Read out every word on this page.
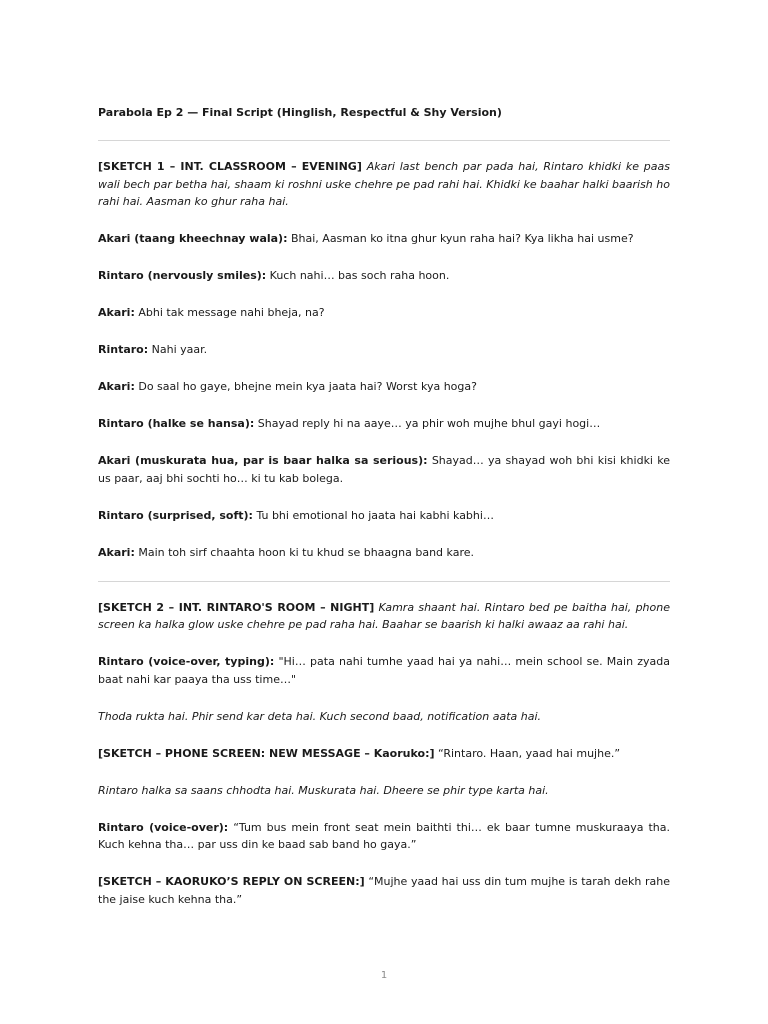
Parabola Ep 2 — Final Script (Hinglish, Respectful & Shy Version)

[SKETCH 1 – INT. CLASSROOM – EVENING] Akari last bench par pada hai, Rintaro khidki ke paas wali bech par betha hai, shaam ki roshni uske chehre pe pad rahi hai. Khidki ke baahar halki baarish ho rahi hai. Aasman ko ghur raha hai.

Akari (taang kheechnay wala): Bhai, Aasman ko itna ghur kyun raha hai? Kya likha hai usme?

Rintaro (nervously smiles): Kuch nahi… bas soch raha hoon.

Akari: Abhi tak message nahi bheja, na?

Rintaro: Nahi yaar.

Akari: Do saal ho gaye, bhejne mein kya jaata hai? Worst kya hoga?

Rintaro (halke se hansa): Shayad reply hi na aaye… ya phir woh mujhe bhul gayi hogi…

Akari (muskurata hua, par is baar halka sa serious): Shayad… ya shayad woh bhi kisi khidki ke us paar, aaj bhi sochti ho… ki tu kab bolega.

Rintaro (surprised, soft): Tu bhi emotional ho jaata hai kabhi kabhi…

Akari: Main toh sirf chaahta hoon ki tu khud se bhaagna band kare.

[SKETCH 2 – INT. RINTARO'S ROOM – NIGHT] Kamra shaant hai. Rintaro bed pe baitha hai, phone screen ka halka glow uske chehre pe pad raha hai. Baahar se baarish ki halki awaaz aa rahi hai.

Rintaro (voice-over, typing): "Hi… pata nahi tumhe yaad hai ya nahi… mein school se. Main zyada baat nahi kar paaya tha uss time…"

Thoda rukta hai. Phir send kar deta hai. Kuch second baad, notification aata hai.

[SKETCH – PHONE SCREEN: NEW MESSAGE – Kaoruko:] “Rintaro. Haan, yaad hai mujhe.”

Rintaro halka sa saans chhodta hai. Muskurata hai. Dheere se phir type karta hai.

Rintaro (voice-over): “Tum bus mein front seat mein baithti thi… ek baar tumne muskuraaya tha. Kuch kehna tha… par uss din ke baad sab band ho gaya.”

[SKETCH – KAORUKO’S REPLY ON SCREEN:] “Mujhe yaad hai uss din tum mujhe is tarah dekh rahe the jaise kuch kehna tha.”

1
